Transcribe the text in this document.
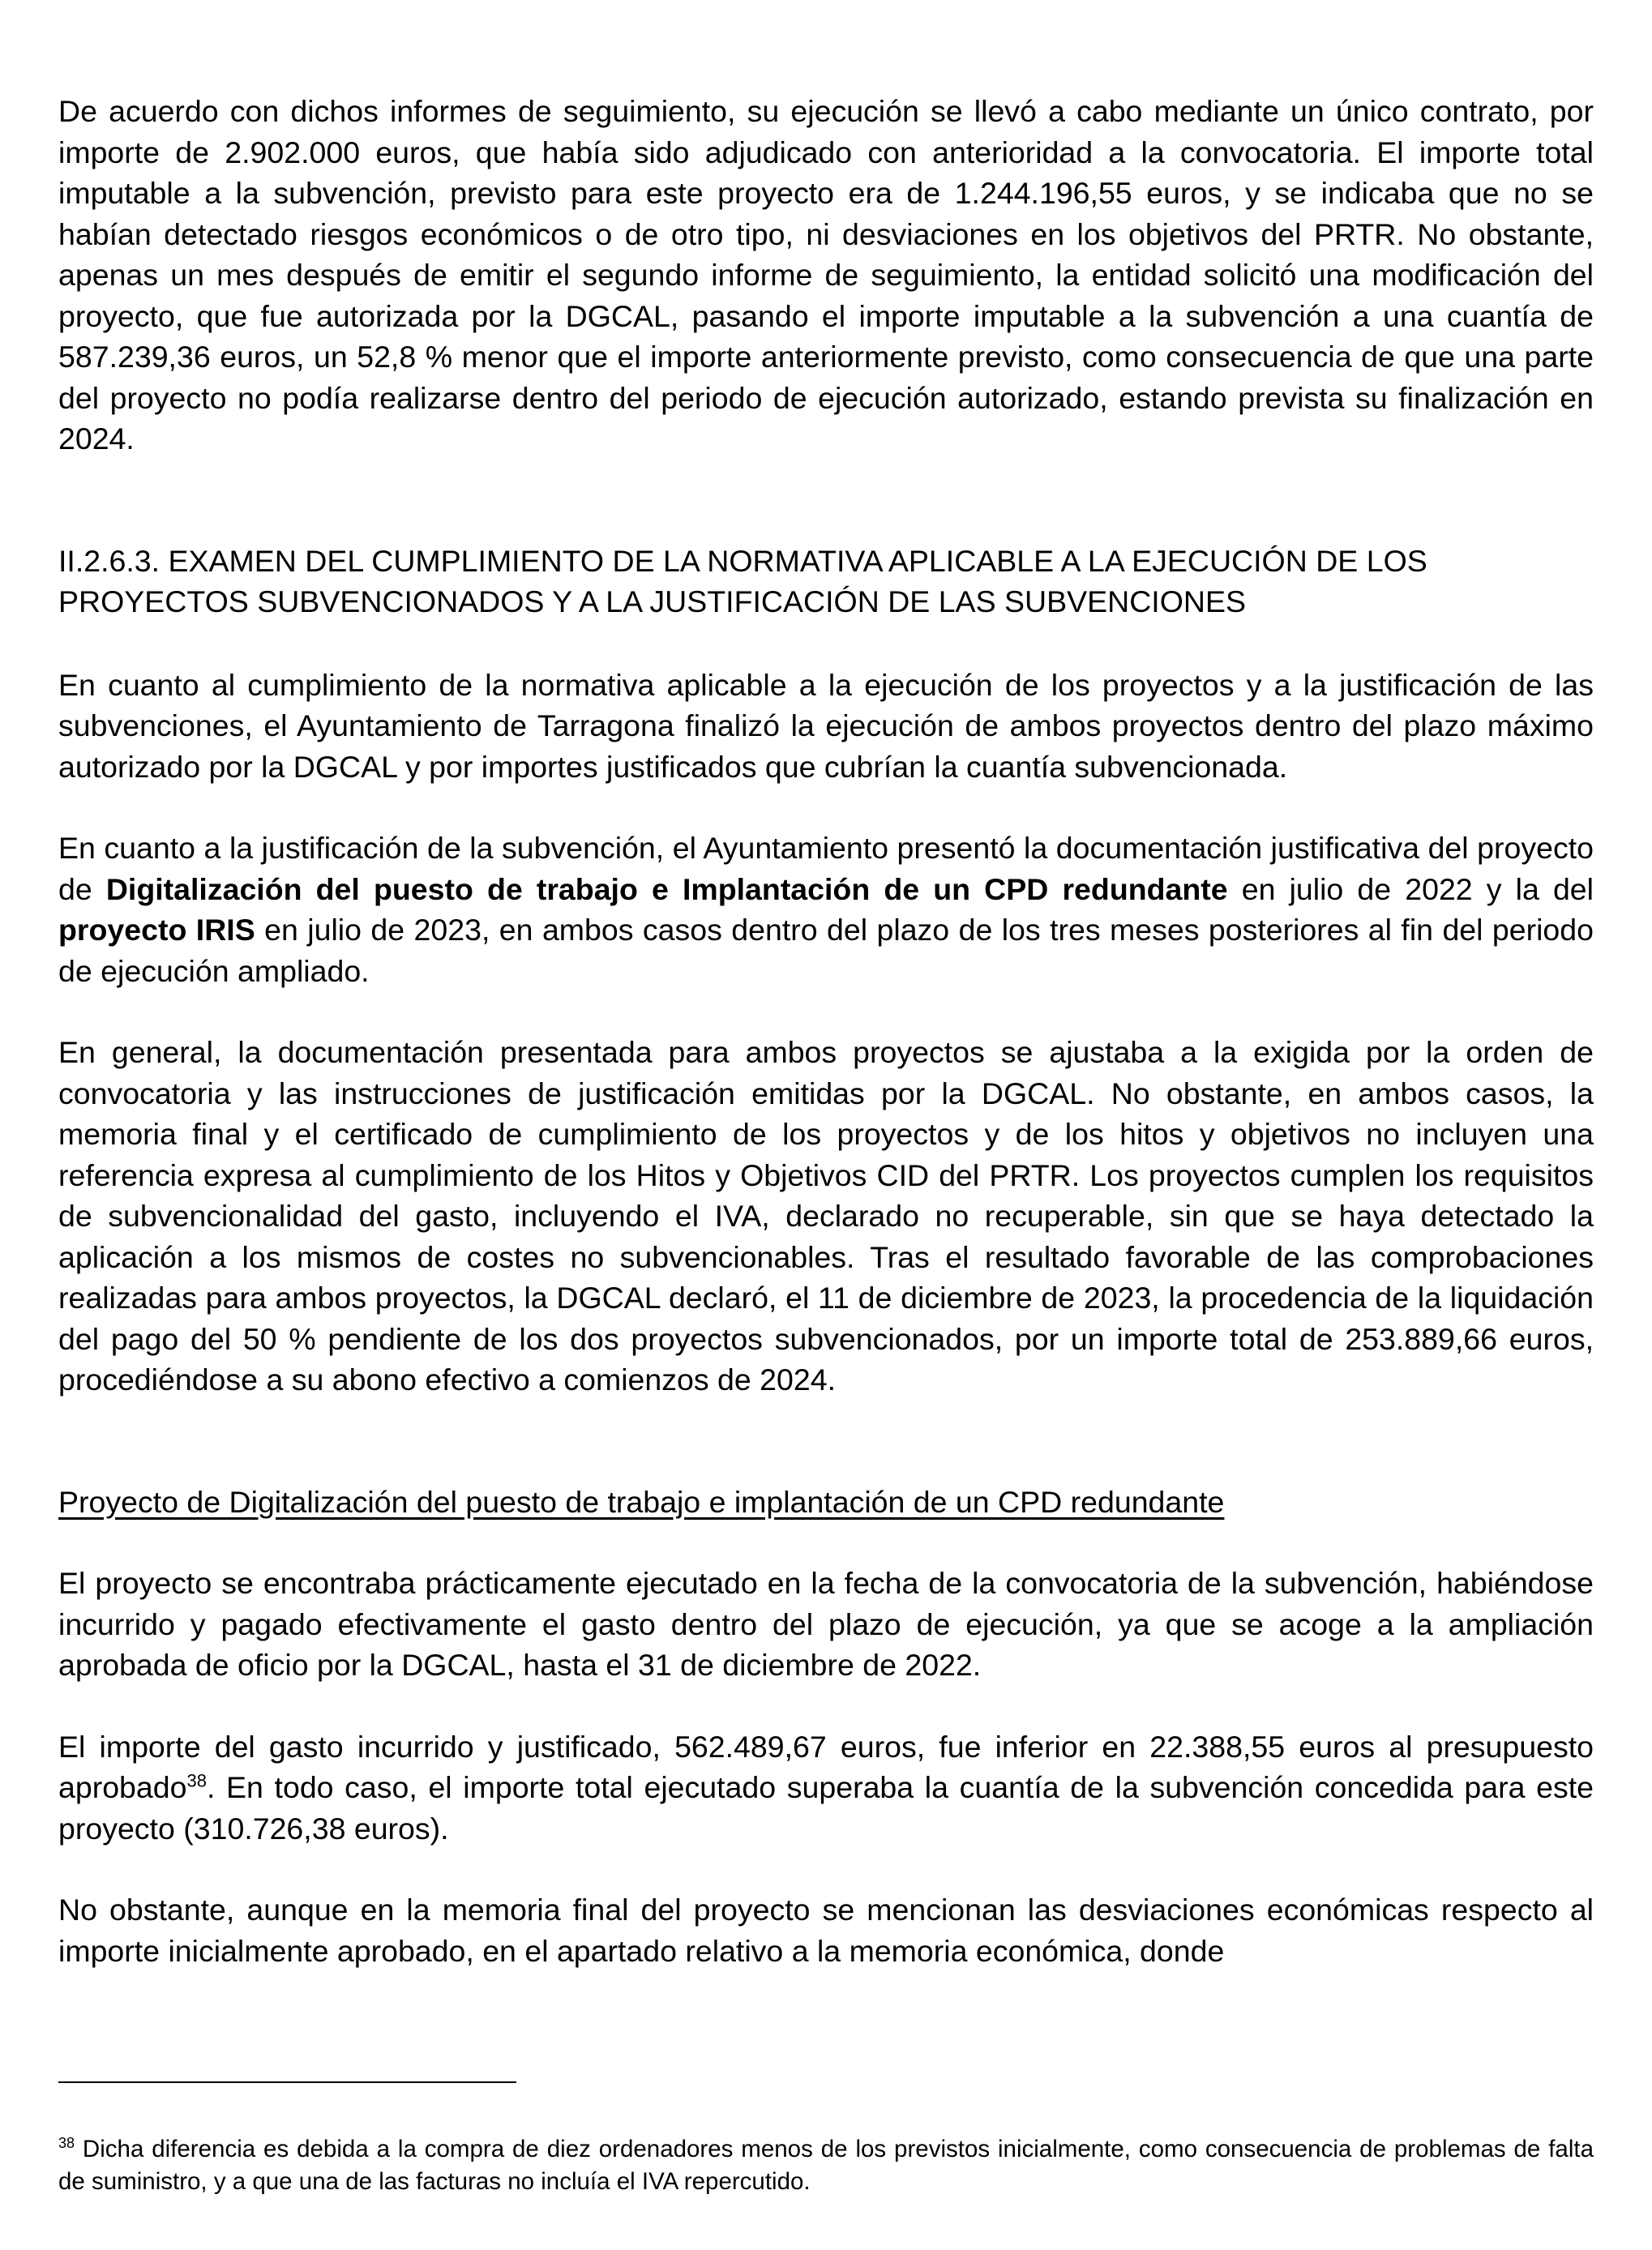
De acuerdo con dichos informes de seguimiento, su ejecución se llevó a cabo mediante un único contrato, por importe de 2.902.000 euros, que había sido adjudicado con anterioridad a la convocatoria. El importe total imputable a la subvención, previsto para este proyecto era de 1.244.196,55 euros, y se indicaba que no se habían detectado riesgos económicos o de otro tipo, ni desviaciones en los objetivos del PRTR. No obstante, apenas un mes después de emitir el segundo informe de seguimiento, la entidad solicitó una modificación del proyecto, que fue autorizada por la DGCAL, pasando el importe imputable a la subvención a una cuantía de 587.239,36 euros, un 52,8 % menor que el importe anteriormente previsto, como consecuencia de que una parte del proyecto no podía realizarse dentro del periodo de ejecución autorizado, estando prevista su finalización en 2024.

II.2.6.3. EXAMEN DEL CUMPLIMIENTO DE LA NORMATIVA APLICABLE A LA EJECUCIÓN DE LOS PROYECTOS SUBVENCIONADOS Y A LA JUSTIFICACIÓN DE LAS SUBVENCIONES

En cuanto al cumplimiento de la normativa aplicable a la ejecución de los proyectos y a la justificación de las subvenciones, el Ayuntamiento de Tarragona finalizó la ejecución de ambos proyectos dentro del plazo máximo autorizado por la DGCAL y por importes justificados que cubrían la cuantía subvencionada.

En cuanto a la justificación de la subvención, el Ayuntamiento presentó la documentación justificativa del proyecto de Digitalización del puesto de trabajo e Implantación de un CPD redundante en julio de 2022 y la del proyecto IRIS en julio de 2023, en ambos casos dentro del plazo de los tres meses posteriores al fin del periodo de ejecución ampliado.

En general, la documentación presentada para ambos proyectos se ajustaba a la exigida por la orden de convocatoria y las instrucciones de justificación emitidas por la DGCAL. No obstante, en ambos casos, la memoria final y el certificado de cumplimiento de los proyectos y de los hitos y objetivos no incluyen una referencia expresa al cumplimiento de los Hitos y Objetivos CID del PRTR. Los proyectos cumplen los requisitos de subvencionalidad del gasto, incluyendo el IVA, declarado no recuperable, sin que se haya detectado la aplicación a los mismos de costes no subvencionables. Tras el resultado favorable de las comprobaciones realizadas para ambos proyectos, la DGCAL declaró, el 11 de diciembre de 2023, la procedencia de la liquidación del pago del 50 % pendiente de los dos proyectos subvencionados, por un importe total de 253.889,66 euros, procediéndose a su abono efectivo a comienzos de 2024.

Proyecto de Digitalización del puesto de trabajo e implantación de un CPD redundante

El proyecto se encontraba prácticamente ejecutado en la fecha de la convocatoria de la subvención, habiéndose incurrido y pagado efectivamente el gasto dentro del plazo de ejecución, ya que se acoge a la ampliación aprobada de oficio por la DGCAL, hasta el 31 de diciembre de 2022.

El importe del gasto incurrido y justificado, 562.489,67 euros, fue inferior en 22.388,55 euros al presupuesto aprobado$^{38}$. En todo caso, el importe total ejecutado superaba la cuantía de la subvención concedida para este proyecto (310.726,38 euros).

No obstante, aunque en la memoria final del proyecto se mencionan las desviaciones económicas respecto al importe inicialmente aprobado, en el apartado relativo a la memoria económica, donde

$^{38}$ Dicha diferencia es debida a la compra de diez ordenadores menos de los previstos inicialmente, como consecuencia de problemas de falta de suministro, y a que una de las facturas no incluía el IVA repercutido.
